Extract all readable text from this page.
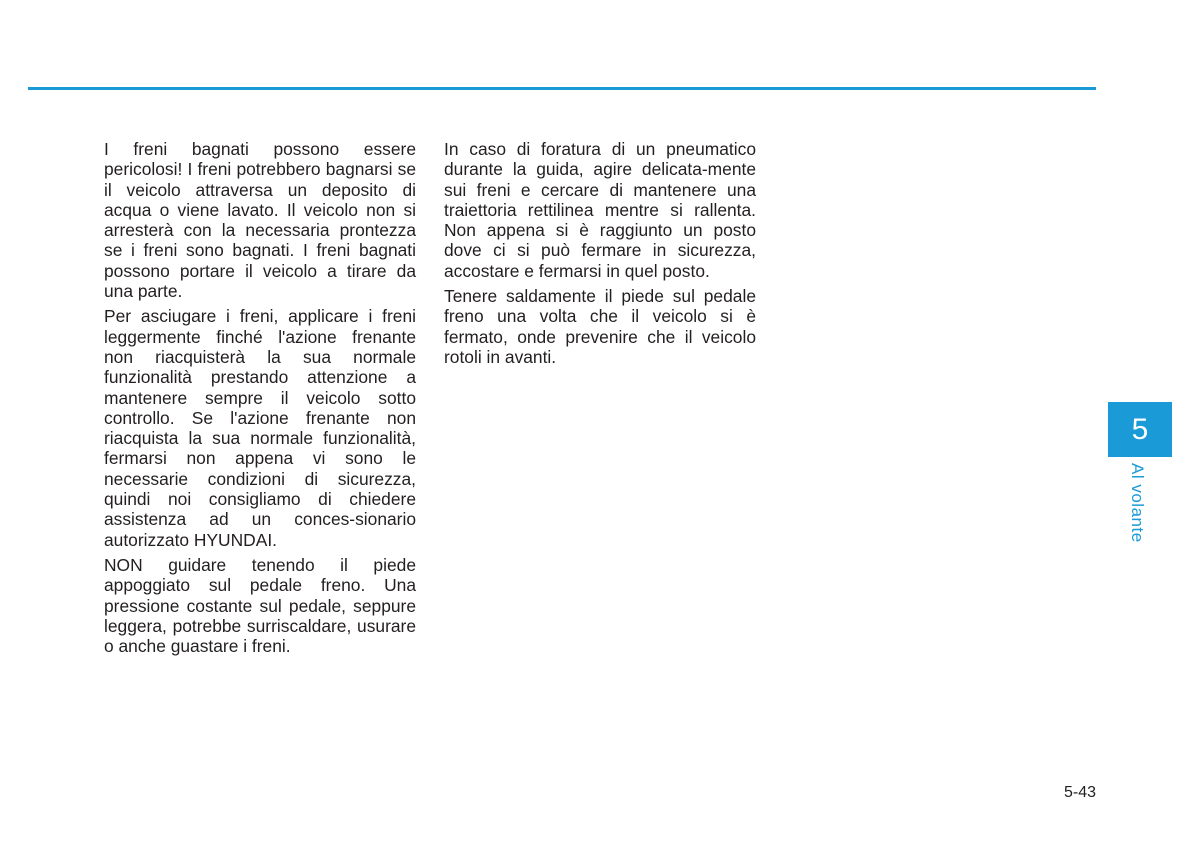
I freni bagnati possono essere pericolosi! I freni potrebbero bagnarsi se il veicolo attraversa un deposito di acqua o viene lavato. Il veicolo non si arresterà con la necessaria prontezza se i freni sono bagnati. I freni bagnati possono portare il veicolo a tirare da una parte.

Per asciugare i freni, applicare i freni leggermente finché l'azione frenante non riacquisterà la sua normale funzionalità prestando attenzione a mantenere sempre il veicolo sotto controllo. Se l'azione frenante non riacquista la sua normale funzionalità, fermarsi non appena vi sono le necessarie condizioni di sicurezza, quindi noi consigliamo di chiedere assistenza ad un conces-sionario autorizzato HYUNDAI.

NON guidare tenendo il piede appoggiato sul pedale freno. Una pressione costante sul pedale, seppure leggera, potrebbe surriscaldare, usurare o anche guastare i freni.

In caso di foratura di un pneumatico durante la guida, agire delicata-mente sui freni e cercare di mantenere una traiettoria rettilinea mentre si rallenta. Non appena si è raggiunto un posto dove ci si può fermare in sicurezza, accostare e fermarsi in quel posto.

Tenere saldamente il piede sul pedale freno una volta che il veicolo si è fermato, onde prevenire che il veicolo rotoli in avanti.

5
Al volante
5-43
